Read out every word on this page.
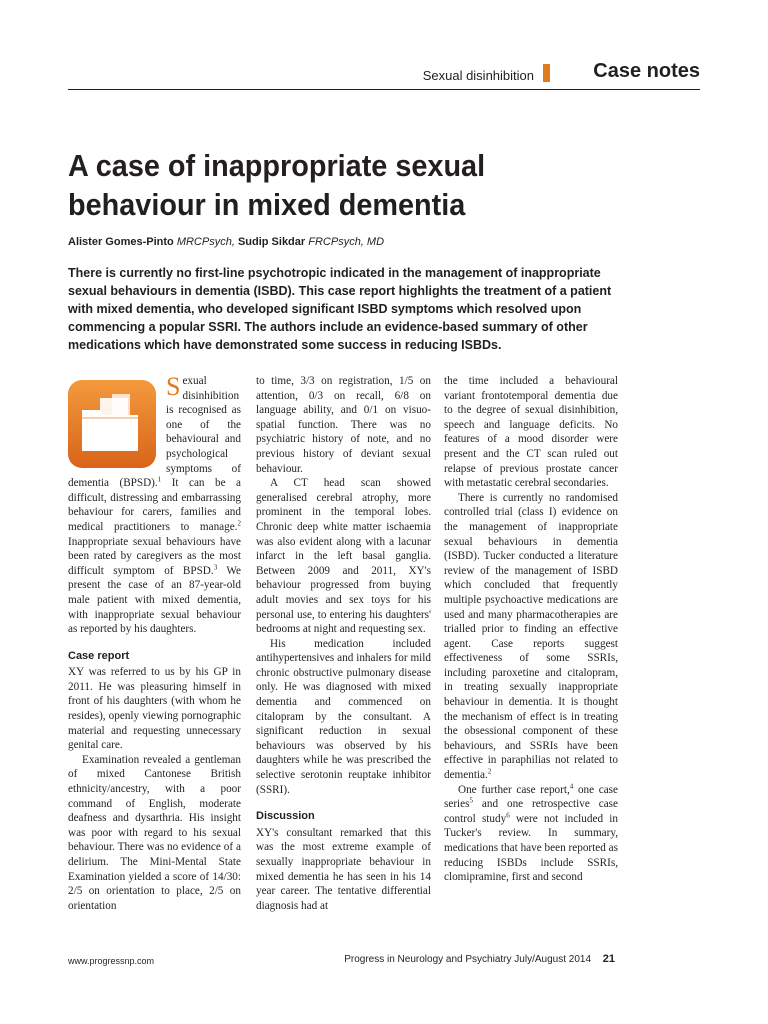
Sexual disinhibition	Case notes
A case of inappropriate sexual behaviour in mixed dementia
Alister Gomes-Pinto MRCPsych, Sudip Sikdar FRCPsych, MD

There is currently no first-line psychotropic indicated in the management of inappropriate sexual behaviours in dementia (ISBD). This case report highlights the treatment of a patient with mixed dementia, who developed significant ISBD symptoms which resolved upon commencing a popular SSRI. The authors include an evidence-based summary of other medications which have demonstrated some success in reducing ISBDs.

Sexual disinhibition is recognised as one of the behavioural and psychological symptoms of dementia (BPSD).$^1$ It can be a difficult, distressing and embarrassing behaviour for carers, families and medical practitioners to manage.$^2$ Inappropriate sexual behaviours have been rated by caregivers as the most difficult symptom of BPSD.$^3$ We present the case of an 87-year-old male patient with mixed dementia, with inappropriate sexual behaviour as reported by his daughters.

Case report

XY was referred to us by his GP in 2011. He was pleasuring himself in front of his daughters (with whom he resides), openly viewing pornographic material and requesting unnecessary genital care.

Examination revealed a gentleman of mixed Cantonese British ethnicity/ancestry, with a poor command of English, moderate deafness and dysarthria. His insight was poor with regard to his sexual behaviour. There was no evidence of a delirium. The Mini-Mental State Examination yielded a score of 14/30: 2/5 on orientation to place, 2/5 on orientation

to time, 3/3 on registration, 1/5 on attention, 0/3 on recall, 6/8 on language ability, and 0/1 on visuo-spatial function. There was no psychiatric history of note, and no previous history of deviant sexual behaviour.

A CT head scan showed generalised cerebral atrophy, more prominent in the temporal lobes. Chronic deep white matter ischaemia was also evident along with a lacunar infarct in the left basal ganglia. Between 2009 and 2011, XY's behaviour progressed from buying adult movies and sex toys for his personal use, to entering his daughters' bedrooms at night and requesting sex.

His medication included antihypertensives and inhalers for mild chronic obstructive pulmonary disease only. He was diagnosed with mixed dementia and commenced on citalopram by the consultant. A significant reduction in sexual behaviours was observed by his daughters while he was prescribed the selective serotonin reuptake inhibitor (SSRI).

Discussion

XY's consultant remarked that this was the most extreme example of sexually inappropriate behaviour in mixed dementia he has seen in his 14 year career. The tentative differential diagnosis had at

the time included a behavioural variant frontotemporal dementia due to the degree of sexual disinhibition, speech and language deficits. No features of a mood disorder were present and the CT scan ruled out relapse of previous prostate cancer with metastatic cerebral secondaries.

There is currently no randomised controlled trial (class I) evidence on the management of inappropriate sexual behaviours in dementia (ISBD). Tucker conducted a literature review of the management of ISBD which concluded that frequently multiple psychoactive medications are used and many pharmacotherapies are trialled prior to finding an effective agent. Case reports suggest effectiveness of some SSRIs, including paroxetine and citalopram, in treating sexually inappropriate behaviour in dementia. It is thought the mechanism of effect is in treating the obsessional component of these behaviours, and SSRIs have been effective in paraphilias not related to dementia.$^2$

One further case report,$^4$ one case series$^5$ and one retrospective case control study$^6$ were not included in Tucker's review. In summary, medications that have been reported as reducing ISBDs include SSRIs, clomipramine, first and second

www.progressnp.com	Progress in Neurology and Psychiatry July/August 2014 21
